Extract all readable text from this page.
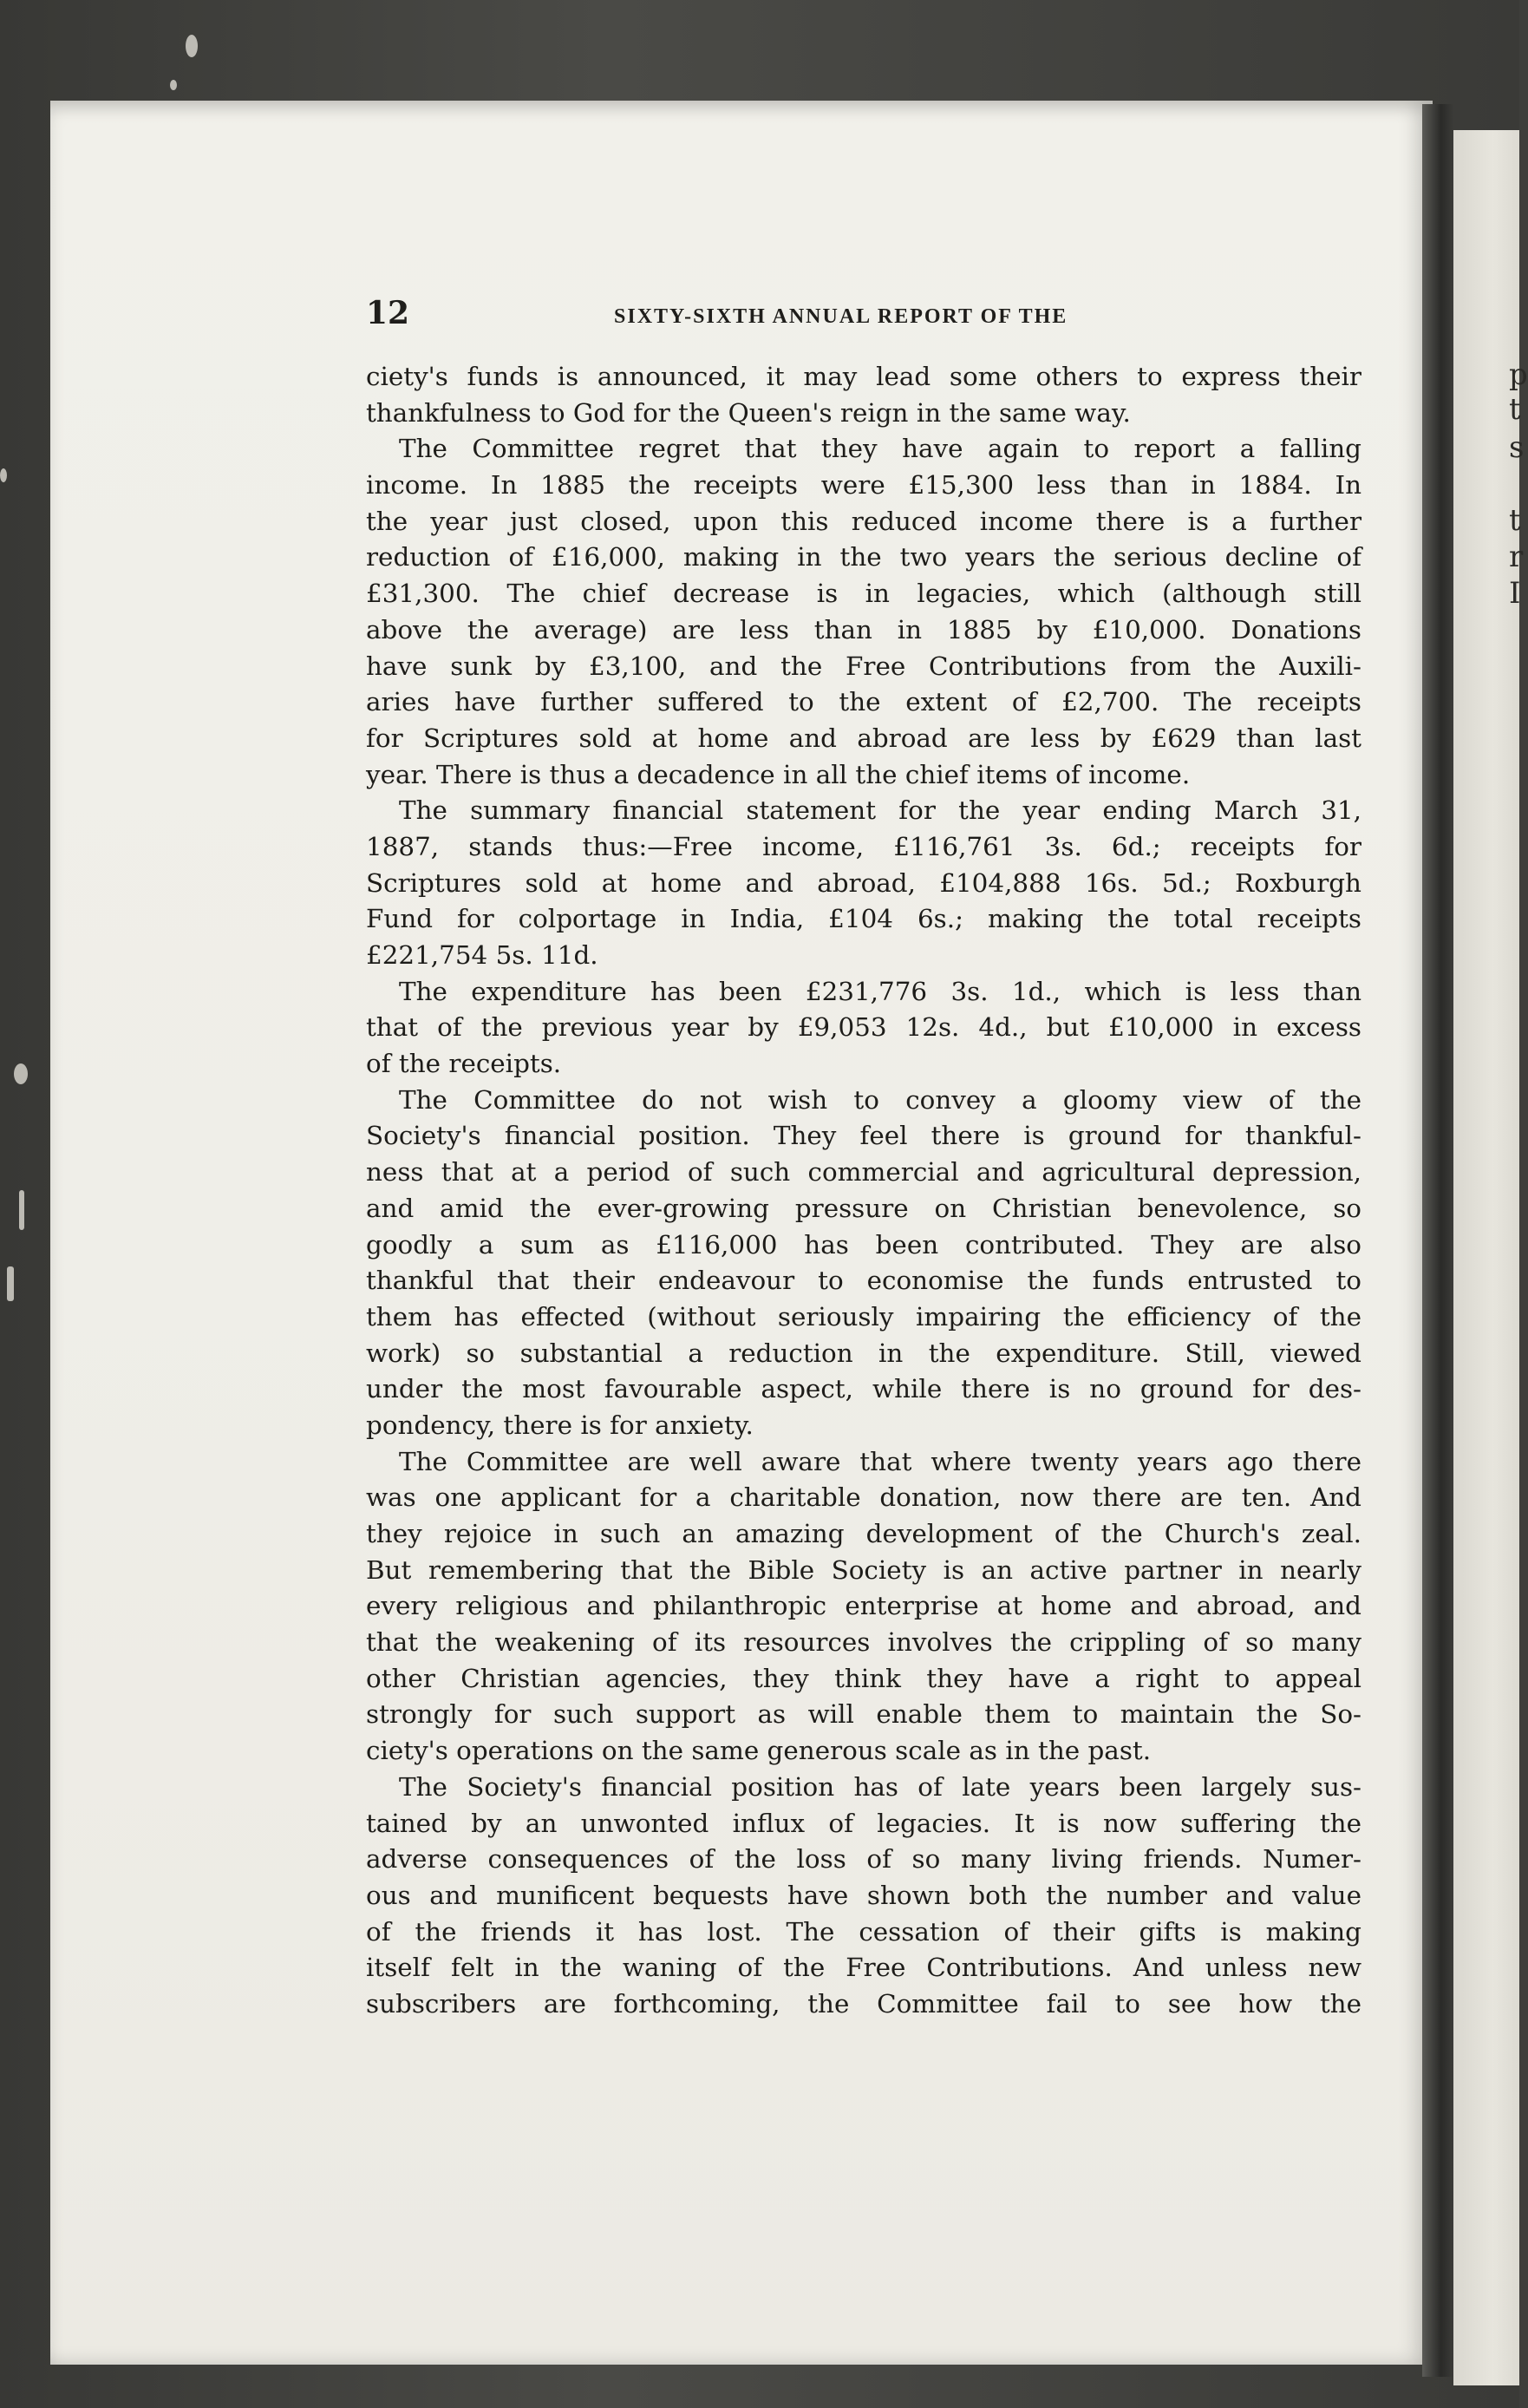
p
t
s
t
r
I
12	SIXTY-SIXTH ANNUAL REPORT OF THE
ciety's funds is announced, it may lead some others to express their
thankfulness to God for the Queen's reign in the same way.
The Committee regret that they have again to report a falling
income. In 1885 the receipts were £15,300 less than in 1884. In
the year just closed, upon this reduced income there is a further
reduction of £16,000, making in the two years the serious decline of
£31,300. The chief decrease is in legacies, which (although still
above the average) are less than in 1885 by £10,000. Donations
have sunk by £3,100, and the Free Contributions from the Auxili-
aries have further suffered to the extent of £2,700. The receipts
for Scriptures sold at home and abroad are less by £629 than last
year. There is thus a decadence in all the chief items of income.
The summary financial statement for the year ending March 31,
1887, stands thus:—Free income, £116,761 3s. 6d.; receipts for
Scriptures sold at home and abroad, £104,888 16s. 5d.; Roxburgh
Fund for colportage in India, £104 6s.; making the total receipts
£221,754 5s. 11d.
The expenditure has been £231,776 3s. 1d., which is less than
that of the previous year by £9,053 12s. 4d., but £10,000 in excess
of the receipts.
The Committee do not wish to convey a gloomy view of the
Society's financial position. They feel there is ground for thankful-
ness that at a period of such commercial and agricultural depression,
and amid the ever-growing pressure on Christian benevolence, so
goodly a sum as £116,000 has been contributed. They are also
thankful that their endeavour to economise the funds entrusted to
them has effected (without seriously impairing the efficiency of the
work) so substantial a reduction in the expenditure. Still, viewed
under the most favourable aspect, while there is no ground for des-
pondency, there is for anxiety.
The Committee are well aware that where twenty years ago there
was one applicant for a charitable donation, now there are ten. And
they rejoice in such an amazing development of the Church's zeal.
But remembering that the Bible Society is an active partner in nearly
every religious and philanthropic enterprise at home and abroad, and
that the weakening of its resources involves the crippling of so many
other Christian agencies, they think they have a right to appeal
strongly for such support as will enable them to maintain the So-
ciety's operations on the same generous scale as in the past.
The Society's financial position has of late years been largely sus-
tained by an unwonted influx of legacies. It is now suffering the
adverse consequences of the loss of so many living friends. Numer-
ous and munificent bequests have shown both the number and value
of the friends it has lost. The cessation of their gifts is making
itself felt in the waning of the Free Contributions. And unless new
subscribers are forthcoming, the Committee fail to see how the
